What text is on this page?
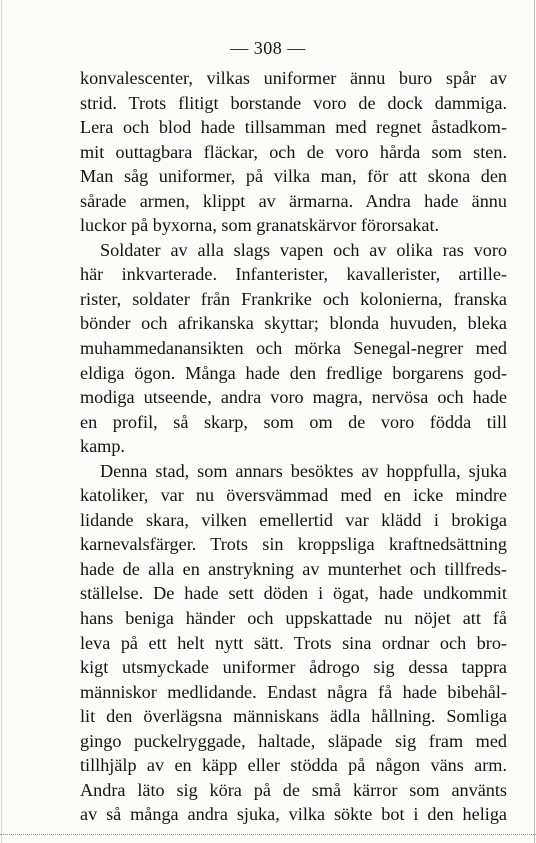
— 308 —
konvalescenter, vilkas uniformer ännu buro spår av
strid. Trots flitigt borstande voro de dock dammiga.
Lera och blod hade tillsamman med regnet åstadkom-
mit outtagbara fläckar, och de voro hårda som sten.
Man såg uniformer, på vilka man, för att skona den
sårade armen, klippt av ärmarna. Andra hade ännu
luckor på byxorna, som granatskärvor förorsakat.
Soldater av alla slags vapen och av olika ras voro
här inkvarterade. Infanterister, kavallerister, artille-
rister, soldater från Frankrike och kolonierna, franska
bönder och afrikanska skyttar; blonda huvuden, bleka
muhammedanansikten och mörka Senegal-negrer med
eldiga ögon. Många hade den fredlige borgarens god-
modiga utseende, andra voro magra, nervösa och hade
en profil, så skarp, som om de voro födda till
kamp.
Denna stad, som annars besöktes av hoppfulla, sjuka
katoliker, var nu översvämmad med en icke mindre
lidande skara, vilken emellertid var klädd i brokiga
karnevalsfärger. Trots sin kroppsliga kraftnedsättning
hade de alla en anstrykning av munterhet och tillfreds-
ställelse. De hade sett döden i ögat, hade undkommit
hans beniga händer och uppskattade nu nöjet att få
leva på ett helt nytt sätt. Trots sina ordnar och bro-
kigt utsmyckade uniformer ådrogo sig dessa tappra
människor medlidande. Endast några få hade bibehål-
lit den överlägsna människans ädla hållning. Somliga
gingo puckelryggade, haltade, släpade sig fram med
tillhjälp av en käpp eller stödda på någon väns arm.
Andra läto sig köra på de små kärror som använts
av så många andra sjuka, vilka sökte bot i den heliga
